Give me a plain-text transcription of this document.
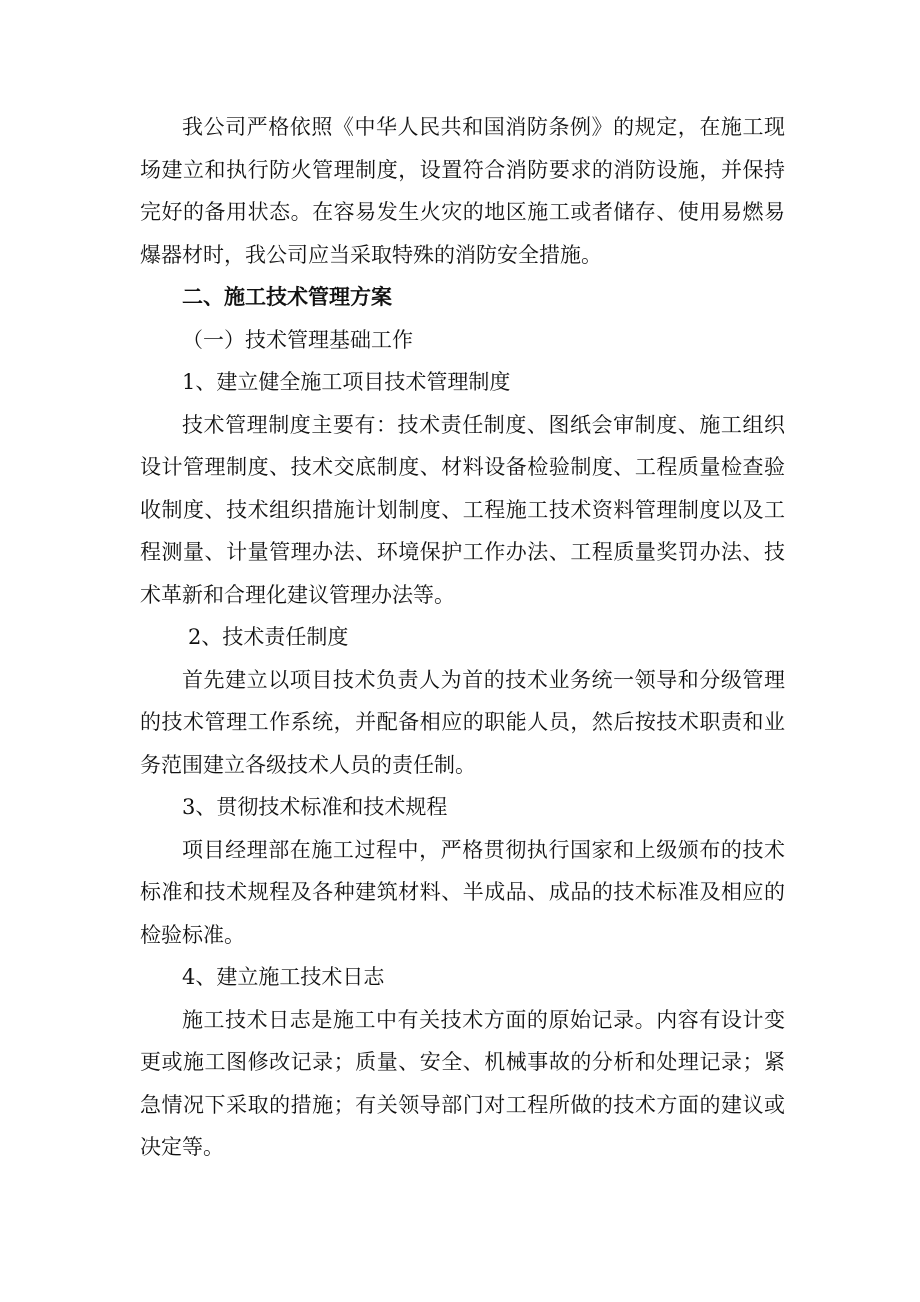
我公司严格依照《中华人民共和国消防条例》的规定，在施工现场建立和执行防火管理制度，设置符合消防要求的消防设施，并保持完好的备用状态。在容易发生火灾的地区施工或者储存、使用易燃易爆器材时，我公司应当采取特殊的消防安全措施。

二、施工技术管理方案

（一）技术管理基础工作

1、建立健全施工项目技术管理制度

技术管理制度主要有：技术责任制度、图纸会审制度、施工组织设计管理制度、技术交底制度、材料设备检验制度、工程质量检查验收制度、技术组织措施计划制度、工程施工技术资料管理制度以及工程测量、计量管理办法、环境保护工作办法、工程质量奖罚办法、技术革新和合理化建议管理办法等。

2、技术责任制度

首先建立以项目技术负责人为首的技术业务统一领导和分级管理的技术管理工作系统，并配备相应的职能人员，然后按技术职责和业务范围建立各级技术人员的责任制。

3、贯彻技术标准和技术规程

项目经理部在施工过程中，严格贯彻执行国家和上级颁布的技术标准和技术规程及各种建筑材料、半成品、成品的技术标准及相应的检验标准。

4、建立施工技术日志

施工技术日志是施工中有关技术方面的原始记录。内容有设计变更或施工图修改记录；质量、安全、机械事故的分析和处理记录；紧急情况下采取的措施；有关领导部门对工程所做的技术方面的建议或决定等。
